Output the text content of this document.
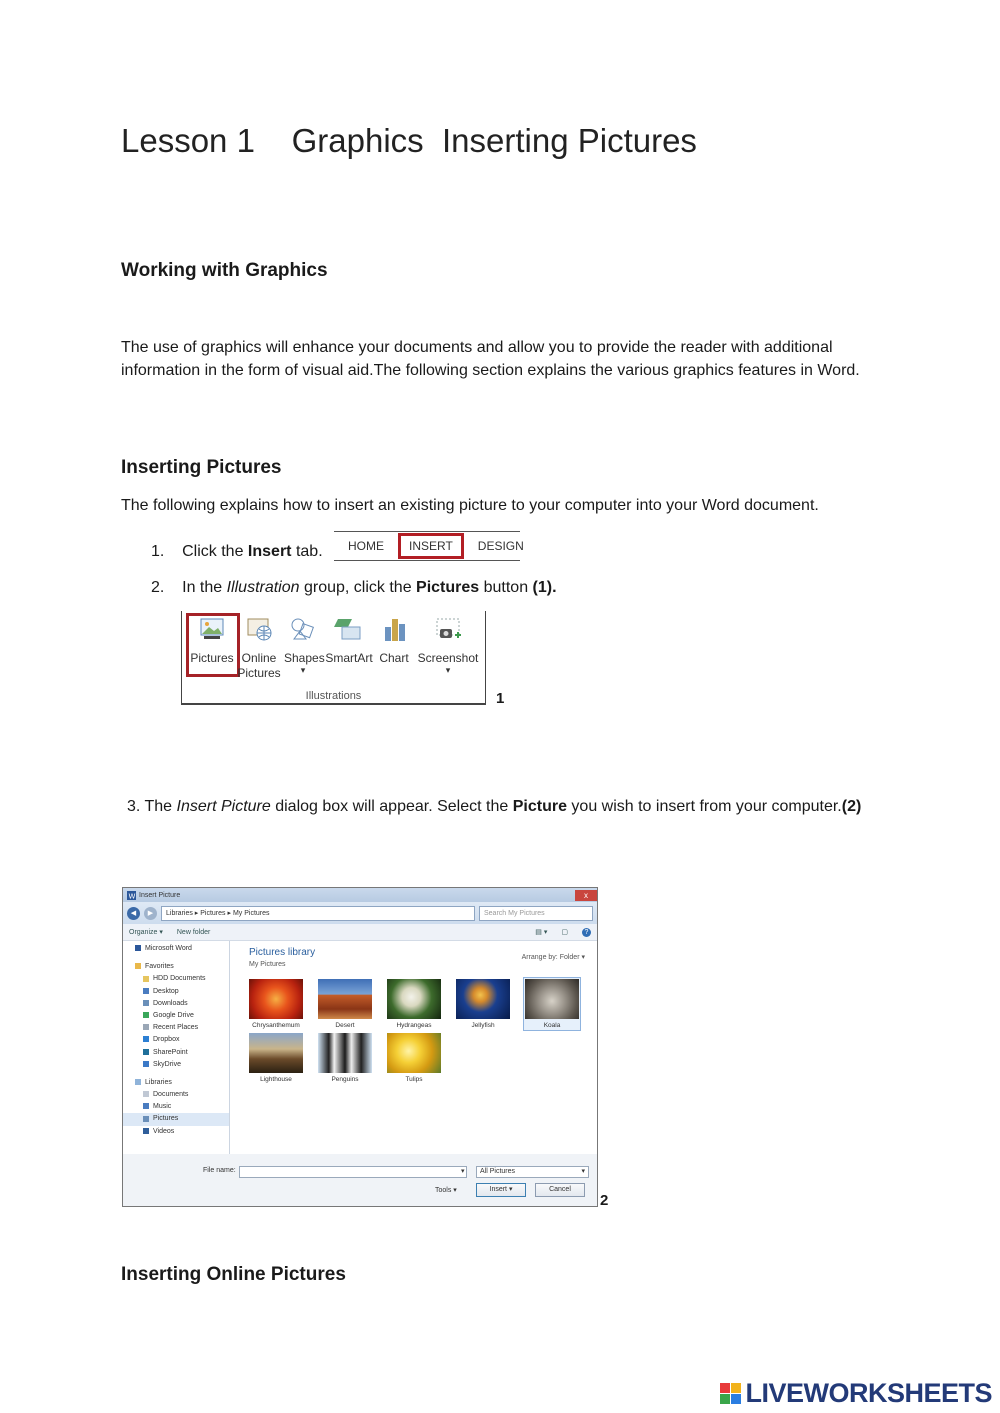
Lesson 1    Graphics  Inserting Pictures
Working with Graphics
The use of graphics will enhance your documents and allow you to provide the reader with additional information in the form of visual aid.The following section explains the various graphics features in Word.
Inserting Pictures
The following explains how to insert an existing picture to your computer into your Word document.
1. Click the Insert tab.	HOME	INSERT	DESIGN
2. In the Illustration group, click the Pictures button (1).
Pictures Online Pictures
Shapes
▾
SmartArt Chart Screenshot
▾
Illustrations	1
3. The Insert Picture dialog box will appear. Select the Picture you wish to insert from your computer.(2)
W Insert Picture	x
◀	▶	Libraries ▸ Pictures ▸ My Pictures	Search My Pictures
Organize ▾ New folder	▤ ▾ ▢	?
Microsoft Word
Favorites
HDD Documents
Desktop
Downloads
Google Drive
Recent Places
Dropbox
SharePoint
SkyDrive
Libraries
Documents
Music
Pictures
Videos
Pictures library
My Pictures
Arrange by: Folder ▾
Chrysanthemum	Desert	Hydrangeas	Jellyfish	Koala
Lighthouse	Penguins	Tulips
File name:	▾	All Pictures	▾
Tools ▾	Insert ▾	Cancel
2
Inserting Online Pictures
LIVEWORKSHEETS
